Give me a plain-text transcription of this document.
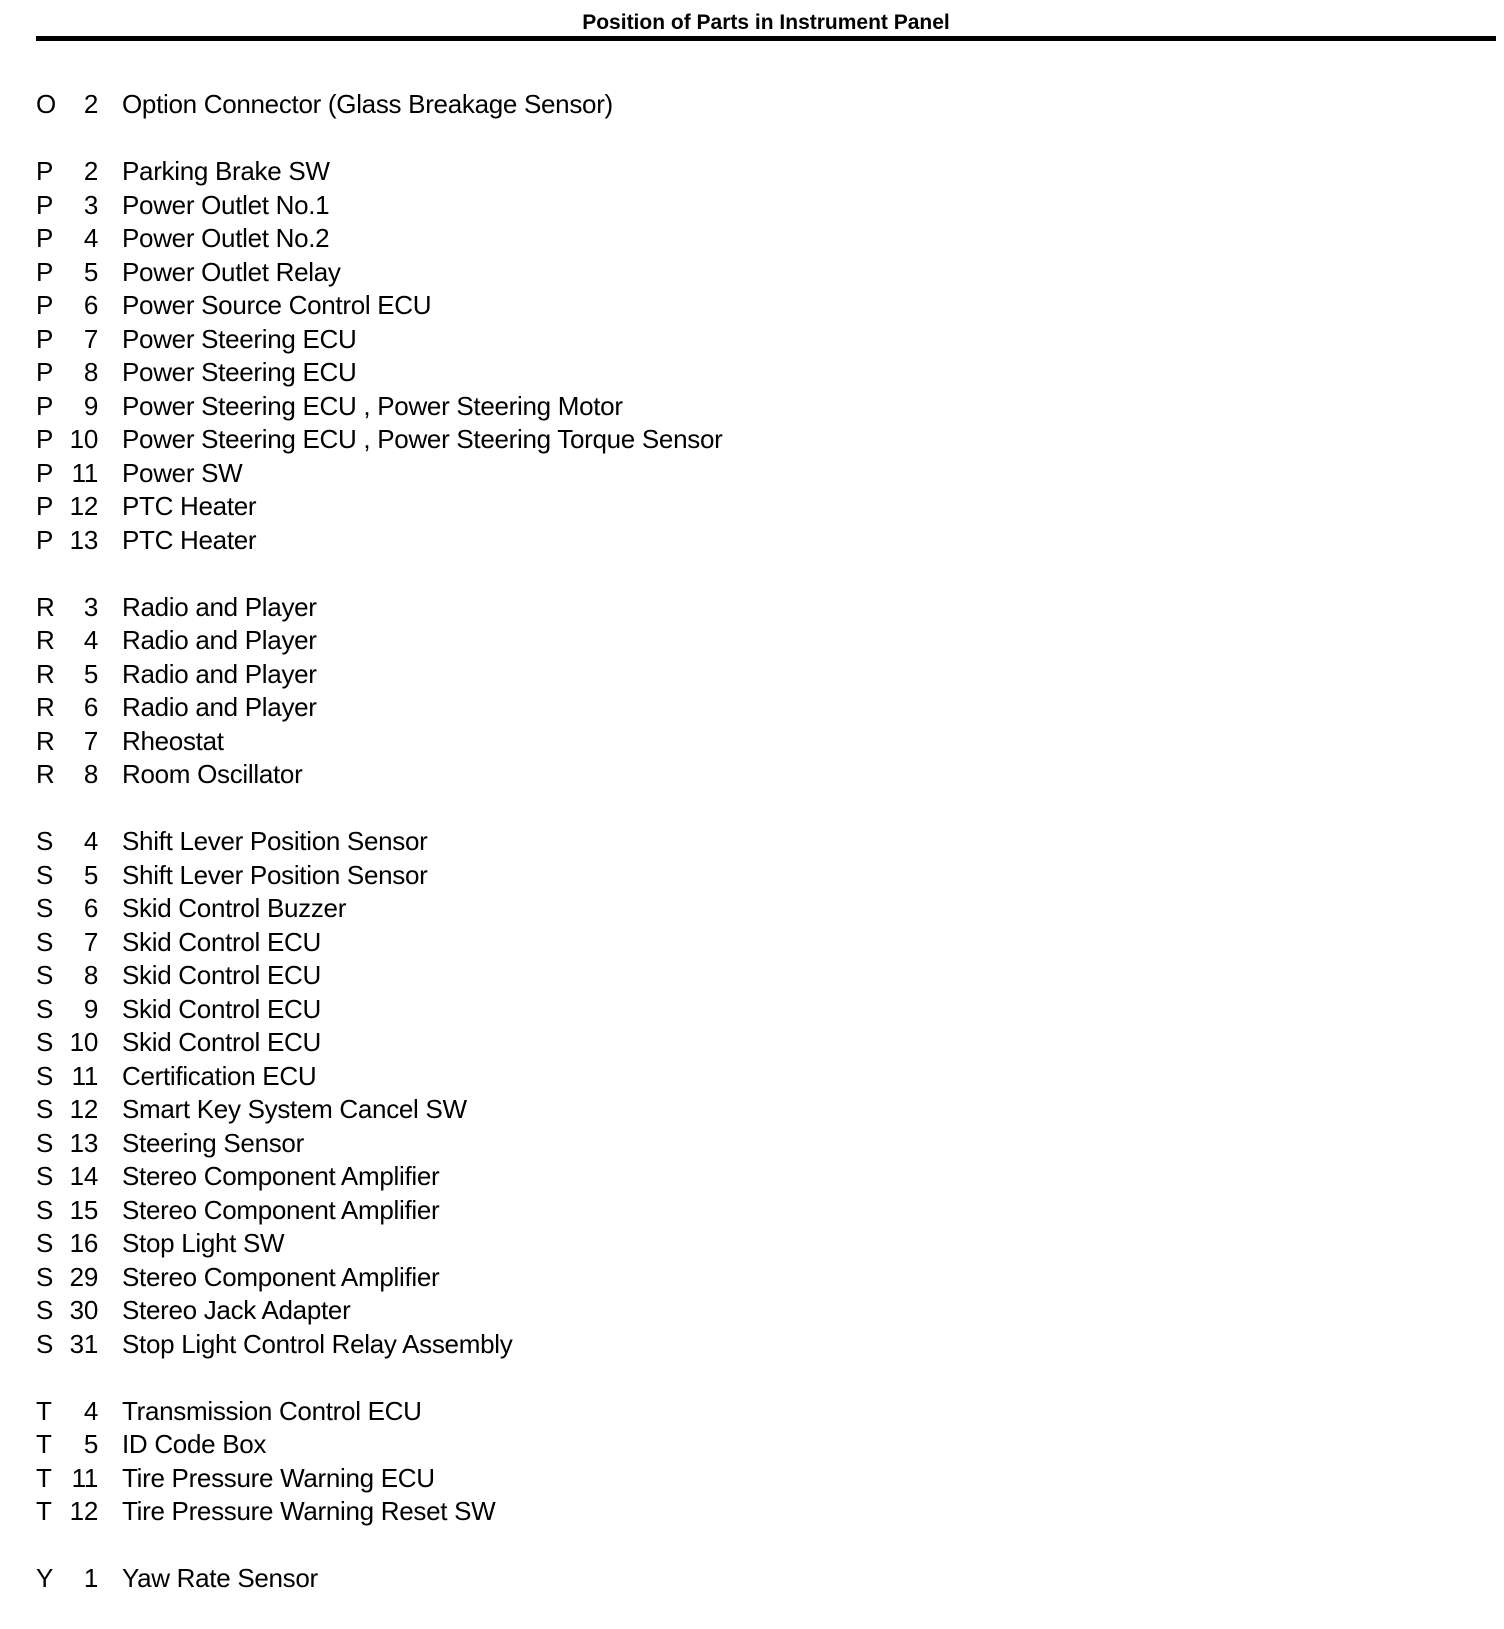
Position of Parts in Instrument Panel
O	2 Option Connector (Glass Breakage Sensor)
P	2 Parking Brake SW
P	3 Power Outlet No.1
P	4 Power Outlet No.2
P	5 Power Outlet Relay
P	6 Power Source Control ECU
P	7 Power Steering ECU
P	8 Power Steering ECU
P	9 Power Steering ECU , Power Steering Motor
P 10 Power Steering ECU , Power Steering Torque Sensor
P 11 Power SW
P 12 PTC Heater
P 13 PTC Heater
R	3 Radio and Player
R	4 Radio and Player
R	5 Radio and Player
R	6 Radio and Player
R	7 Rheostat
R	8 Room Oscillator
S	4 Shift Lever Position Sensor
S	5 Shift Lever Position Sensor
S	6 Skid Control Buzzer
S	7 Skid Control ECU
S	8 Skid Control ECU
S	9 Skid Control ECU
S 10 Skid Control ECU
S 11 Certification ECU
S 12 Smart Key System Cancel SW
S 13 Steering Sensor
S 14 Stereo Component Amplifier
S 15 Stereo Component Amplifier
S 16 Stop Light SW
S 29 Stereo Component Amplifier
S 30 Stereo Jack Adapter
S 31 Stop Light Control Relay Assembly
T	4 Transmission Control ECU
T	5 ID Code Box
T 11 Tire Pressure Warning ECU
T 12 Tire Pressure Warning Reset SW
Y	1 Yaw Rate Sensor
